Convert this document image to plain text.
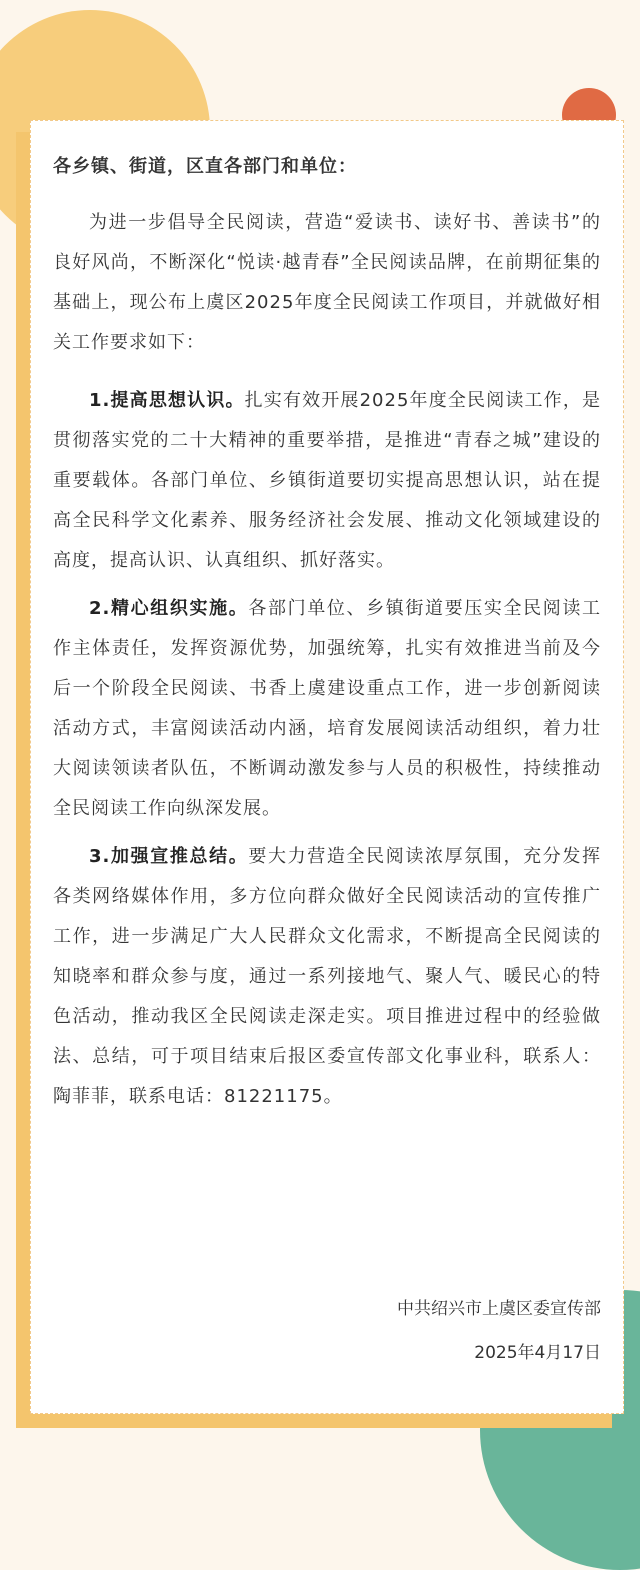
各乡镇、街道，区直各部门和单位：

为进一步倡导全民阅读，营造“爱读书、读好书、善读书”的良好风尚，不断深化“悦读·越青春”全民阅读品牌，在前期征集的基础上，现公布上虞区2025年度全民阅读工作项目，并就做好相关工作要求如下：

1.提高思想认识。扎实有效开展2025年度全民阅读工作，是贯彻落实党的二十大精神的重要举措，是推进“青春之城”建设的重要载体。各部门单位、乡镇街道要切实提高思想认识，站在提高全民科学文化素养、服务经济社会发展、推动文化领域建设的高度，提高认识、认真组织、抓好落实。

2.精心组织实施。各部门单位、乡镇街道要压实全民阅读工作主体责任，发挥资源优势，加强统筹，扎实有效推进当前及今后一个阶段全民阅读、书香上虞建设重点工作，进一步创新阅读活动方式，丰富阅读活动内涵，培育发展阅读活动组织，着力壮大阅读领读者队伍，不断调动激发参与人员的积极性，持续推动全民阅读工作向纵深发展。

3.加强宣推总结。要大力营造全民阅读浓厚氛围，充分发挥各类网络媒体作用，多方位向群众做好全民阅读活动的宣传推广工作，进一步满足广大人民群众文化需求，不断提高全民阅读的知晓率和群众参与度，通过一系列接地气、聚人气、暖民心的特色活动，推动我区全民阅读走深走实。项目推进过程中的经验做法、总结，可于项目结束后报区委宣传部文化事业科，联系人：陶菲菲，联系电话：81221175。

中共绍兴市上虞区委宣传部
2025年4月17日
